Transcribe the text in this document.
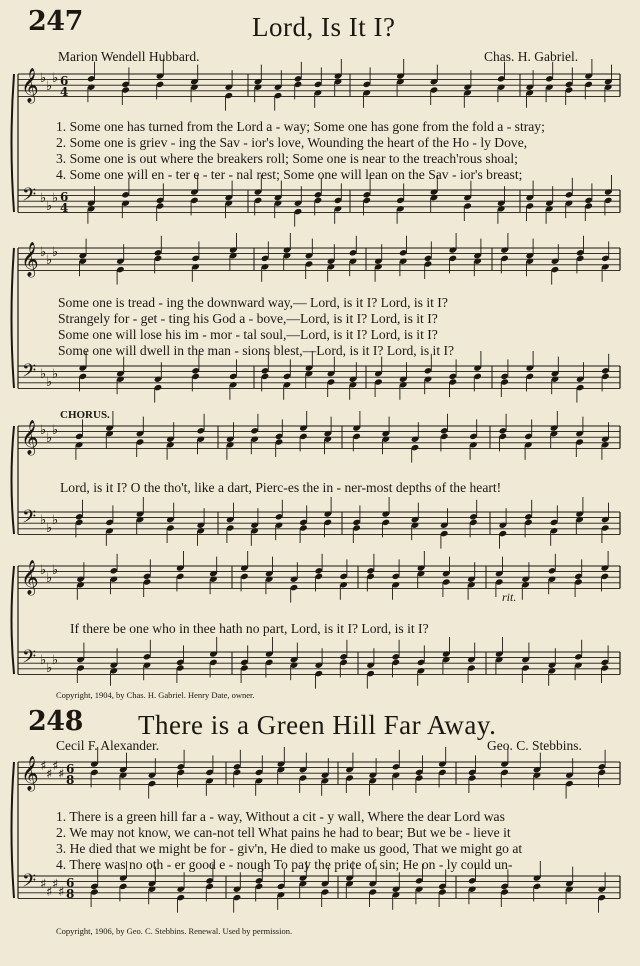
247	Lord, Is It I?
Marion Wendell Hubbard.	Chas. H. Gabriel.
𝄞
𝄢
♭
♭
♭
♭
♭
♭
6
4
6
4
𝄞
𝄢
♭
♭
♭
♭
♭
♭
𝄞
𝄢
♭
♭
♭
♭
♭
♭
𝄞
𝄢
♭
♭
♭
♭
♭
♭
𝄞
𝄢
♯
♯
♯
♯
♯
♯
♯
♯
6
8
6
8
1. Some one has turned from the Lord a - way; Some one has gone from the fold a - stray;
2. Some one is griev - ing the Sav - ior's love, Wounding the heart of the Ho - ly Dove,
3. Some one is out where the breakers roll; Some one is near to the treach'rous shoal;
4. Some one will en - ter e - ter - nal rest; Some one will lean on the Sav - ior's breast;
Some one is tread - ing the downward way,— Lord, is it I? Lord, is it I?
Strangely for - get - ting his God a - bove,—Lord, is it I? Lord, is it I?
Some one will lose his im - mor - tal soul,—Lord, is it I? Lord, is it I?
Some one will dwell in the man - sions blest,—Lord, is it I? Lord, is it I?
CHORUS.
Lord, is it I? O the tho't, like a dart, Pierc-es the in - ner-most depths of the heart!
rit.
If there be one who in thee hath no part, Lord, is it I? Lord, is it I?
Copyright, 1904, by Chas. H. Gabriel. Henry Date, owner.
248 There is a Green Hill Far Away.
Cecil F. Alexander.	Geo. C. Stebbins.
1. There is a green hill far a - way, Without a cit - y wall, Where the dear Lord was
2. We may not know, we can-not tell What pains he had to bear; But we be - lieve it
3. He died that we might be for - giv'n, He died to make us good, That we might go at
4. There was no oth - er good e - nough To pay the price of sin; He on - ly could un-
Copyright, 1906, by Geo. C. Stebbins. Renewal. Used by permission.
